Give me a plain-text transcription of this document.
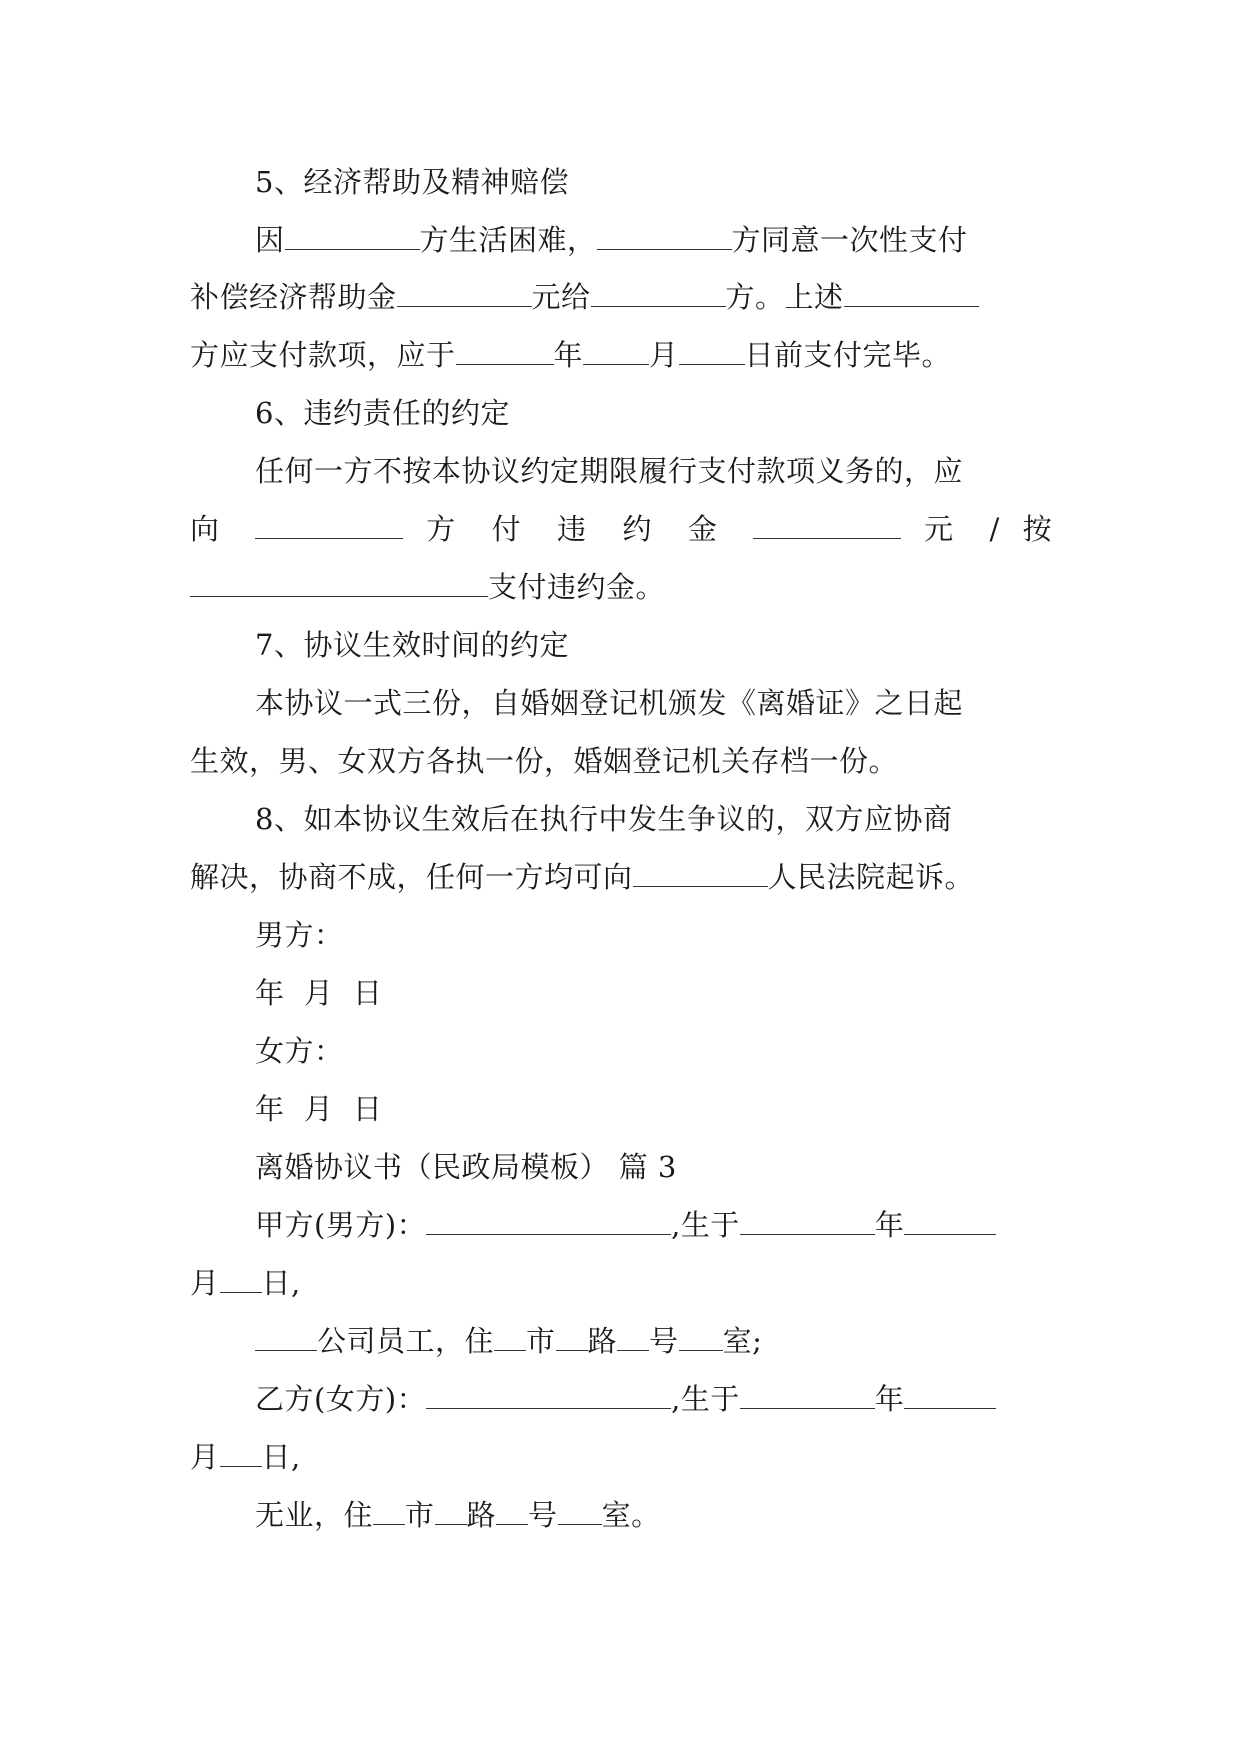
5、经济帮助及精神赔偿
因	方生活困难，	方同意一次性支付
补偿经济帮助金	元给	方。上述
方应支付款项，应于	年 月 日前支付完毕。
6、违约责任的约定
任何一方不按本协议约定期限履行支付款项义务的，应
向	方 付 违 约 金	元 / 按
支付违约金。
7、协议生效时间的约定
本协议一式三份，自婚姻登记机颁发《离婚证》之日起
生效，男、女双方各执一份，婚姻登记机关存档一份。
8、如本协议生效后在执行中发生争议的，双方应协商
解决，协商不成，任何一方均可向	人民法院起诉。
男方：
年  月  日
女方：
年  月  日
离婚协议书（民政局模板） 篇 3
甲方(男方)：	,生于	年
月 日,
公司员工，住 市 路 号 室;
乙方(女方)：	,生于	年
月 日,
无业，住 市 路 号 室。
